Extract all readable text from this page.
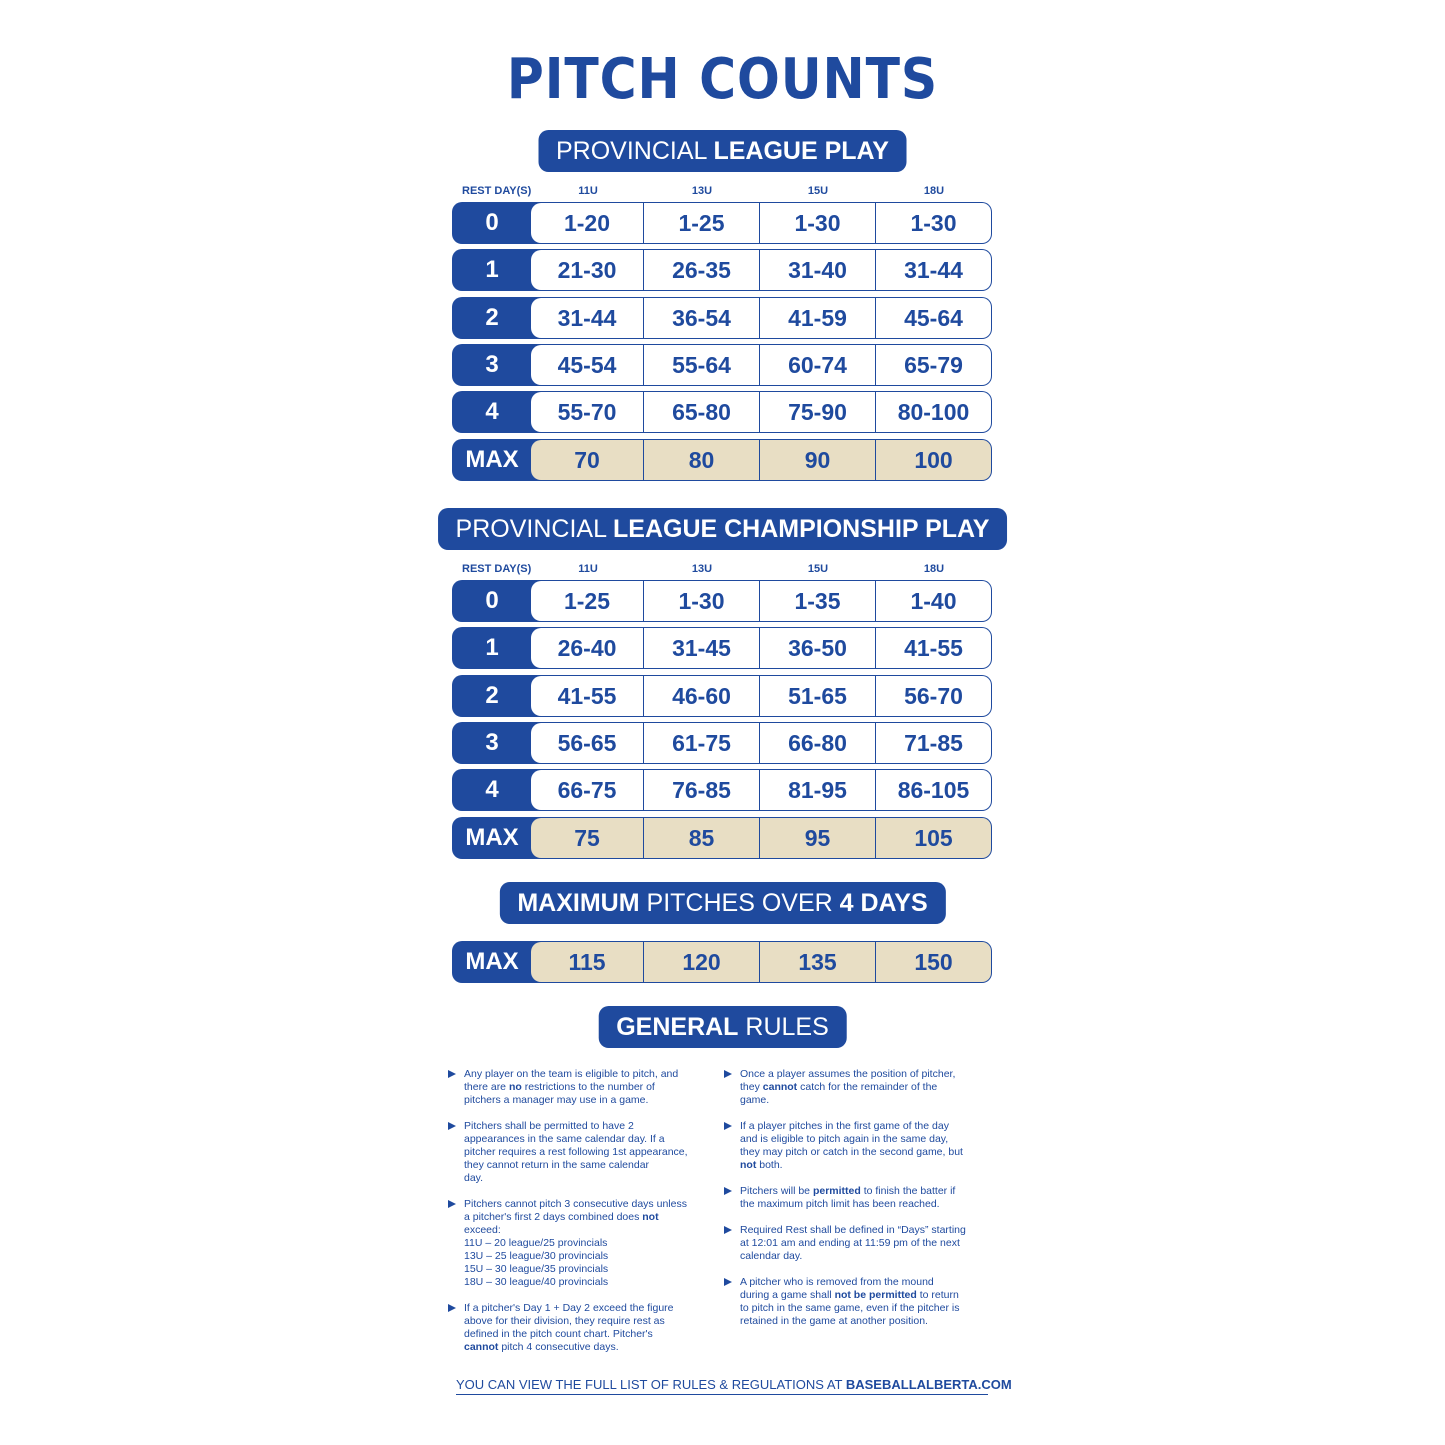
PITCH COUNTS
PROVINCIAL LEAGUE PLAY
REST DAY(S)	11U	13U	15U	18U
0	1-20	1-25	1-30	1-30
1	21-30	26-35	31-40	31-44
2	31-44	36-54	41-59	45-64
3	45-54	55-64	60-74	65-79
4	55-70	65-80	75-90	80-100
MAX	70	80	90	100
PROVINCIAL LEAGUE CHAMPIONSHIP PLAY
REST DAY(S)	11U	13U	15U	18U
0	1-25	1-30	1-35	1-40
1	26-40	31-45	36-50	41-55
2	41-55	46-60	51-65	56-70
3	56-65	61-75	66-80	71-85
4	66-75	76-85	81-95	86-105
MAX	75	85	95	105
MAXIMUM PITCHES OVER 4 DAYS
MAX	115	120	135	150
GENERAL RULES
Any player on the team is eligible to pitch, and
there are no restrictions to the number of
pitchers a manager may use in a game.
Pitchers shall be permitted to have 2
appearances in the same calendar day. If a
pitcher requires a rest following 1st appearance,
they cannot return in the same calendar
day.
Pitchers cannot pitch 3 consecutive days unless
a pitcher's first 2 days combined does not
exceed:
11U – 20 league/25 provincials
13U – 25 league/30 provincials
15U – 30 league/35 provincials
18U – 30 league/40 provincials
If a pitcher's Day 1 + Day 2 exceed the figure
above for their division, they require rest as
defined in the pitch count chart. Pitcher's
cannot pitch 4 consecutive days.
Once a player assumes the position of pitcher,
they cannot catch for the remainder of the
game.
If a player pitches in the first game of the day
and is eligible to pitch again in the same day,
they may pitch or catch in the second game, but
not both.
Pitchers will be permitted to finish the batter if
the maximum pitch limit has been reached.
Required Rest shall be defined in “Days” starting
at 12:01 am and ending at 11:59 pm of the next
calendar day.
A pitcher who is removed from the mound
during a game shall not be permitted to return
to pitch in the same game, even if the pitcher is
retained in the game at another position.
YOU CAN VIEW THE FULL LIST OF RULES & REGULATIONS AT BASEBALLALBERTA.COM
